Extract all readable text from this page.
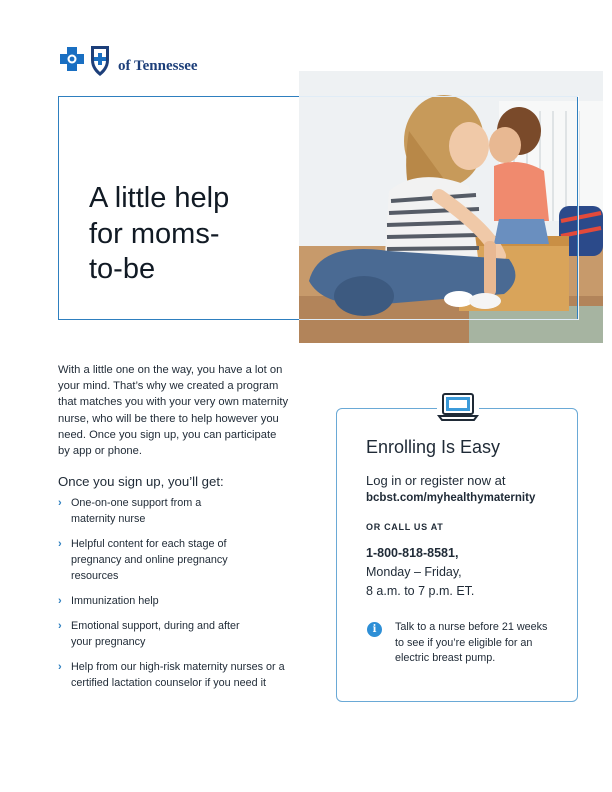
of Tennessee
A little help
for moms-
to-be

With a little one on the way, you have a lot on your mind. That’s why we created a program that matches you with your very own maternity nurse, who will be there to help however you need. Once you sign up, you can participate by app or phone.

Once you sign up, you’ll get:
› One-on-one support from a maternity nurse
› Helpful content for each stage of pregnancy and online pregnancy resources
› Immunization help
› Emotional support, during and after your pregnancy
› Help from our high-risk maternity nurses or a certified lactation counselor if you need it
Enrolling Is Easy
Log in or register now at
bcbst.com/myhealthymaternity
OR CALL US AT
1-800-818-8581,
Monday – Friday,
8 a.m. to 7 p.m. ET.
i	Talk to a nurse before 21 weeks to see if you’re eligible for an electric breast pump.
